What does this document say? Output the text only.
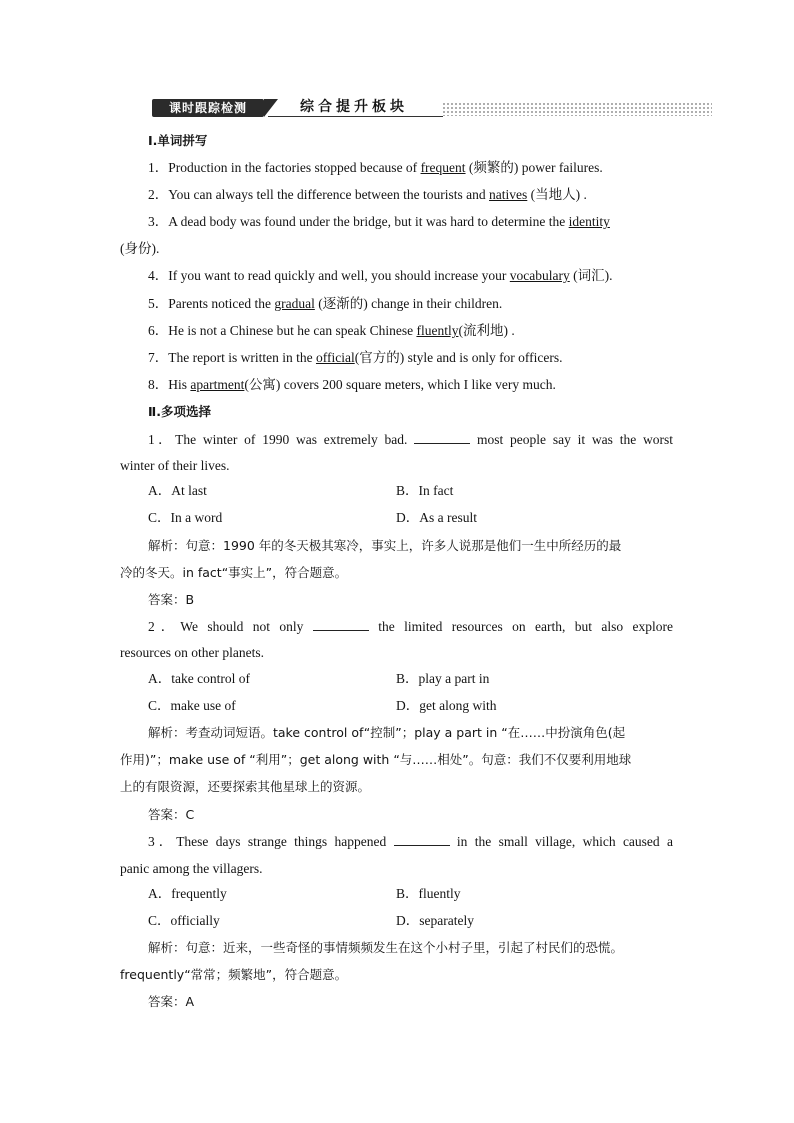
课时跟踪检测	综合提升板块
Ⅰ.单词拼写
1．Production in the factories stopped because of frequent (频繁的) power failures.
2．You can always tell the difference between the tourists and natives (当地人) .
3．A dead body was found under the bridge, but it was hard to determine the identity
(身份).
4．If you want to read quickly and well, you should increase your vocabulary (词汇).
5．Parents noticed the gradual (逐渐的) change in their children.
6．He is not a Chinese but he can speak Chinese fluently(流利地) .
7．The report is written in the official(官方的) style and is only for officers.
8．His apartment(公寓) covers 200 square meters, which I like very much.
Ⅱ.多项选择
1．The winter of 1990 was extremely bad.	most people say it was the worst
winter of their lives.
A．At last	B．In fact
C．In a word	D．As a result
解析：句意：1990 年的冬天极其寒冷，事实上，许多人说那是他们一生中所经历的最
冷的冬天。in fact“事实上”，符合题意。
答案：B
2．We should not only	the limited resources on earth, but also explore
resources on other planets.
A．take control of	B．play a part in
C．make use of	D．get along with
解析：考查动词短语。take control of“控制”；play a part in “在……中扮演角色(起
作用)”；make use of “利用”；get along with “与……相处”。句意：我们不仅要利用地球
上的有限资源，还要探索其他星球上的资源。
答案：C
3．These days strange things happened	in the small village, which caused a
panic among the villagers.
A．frequently	B．fluently
C．officially	D．separately
解析：句意：近来，一些奇怪的事情频频发生在这个小村子里，引起了村民们的恐慌。
frequently“常常；频繁地”，符合题意。
答案：A
